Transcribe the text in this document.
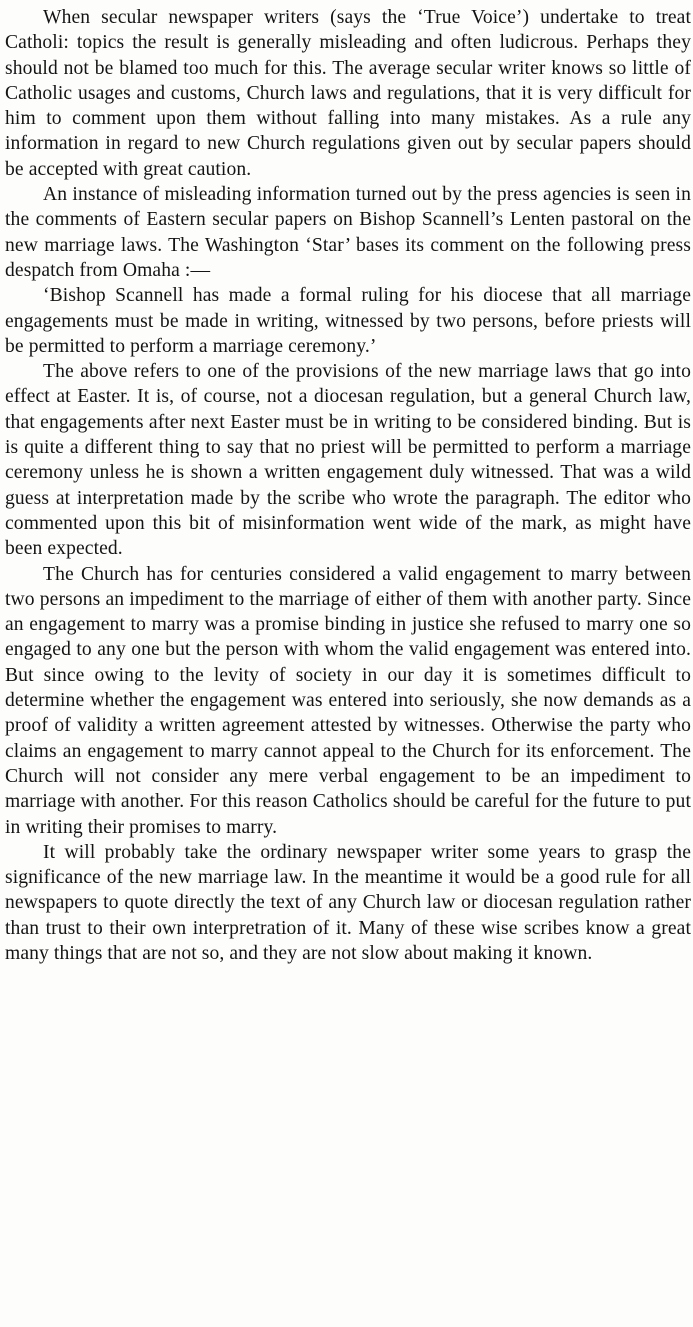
When secular newspaper writers (says the ‘True Voice’) undertake to treat Catholi: topics the result is generally misleading and often ludicrous. Perhaps they should not be blamed too much for this. The average secular writer knows so little of Catholic usages and customs, Church laws and regulations, that it is very difficult for him to comment upon them without falling into many mistakes. As a rule any information in regard to new Church regulations given out by secular papers should be accepted with great caution.

An instance of misleading information turned out by the press agencies is seen in the comments of Eastern secular papers on Bishop Scannell’s Lenten pastoral on the new marriage laws. The Washington ‘Star’ bases its comment on the following press despatch from Omaha :—

‘Bishop Scannell has made a formal ruling for his diocese that all marriage engagements must be made in writing, witnessed by two persons, before priests will be permitted to perform a marriage ceremony.’

The above refers to one of the provisions of the new marriage laws that go into effect at Easter. It is, of course, not a diocesan regulation, but a general Church law, that engagements after next Easter must be in writing to be considered binding. But is is quite a different thing to say that no priest will be permitted to perform a marriage ceremony unless he is shown a written engagement duly witnessed. That was a wild guess at interpretation made by the scribe who wrote the paragraph. The editor who commented upon this bit of misinformation went wide of the mark, as might have been expected.

The Church has for centuries considered a valid engagement to marry between two persons an impediment to the marriage of either of them with another party. Since an engagement to marry was a promise binding in justice she refused to marry one so engaged to any one but the person with whom the valid engagement was entered into. But since owing to the levity of society in our day it is sometimes difficult to determine whether the engagement was entered into seriously, she now demands as a proof of validity a written agreement attested by witnesses. Otherwise the party who claims an engagement to marry cannot appeal to the Church for its enforcement. The Church will not consider any mere verbal engagement to be an impediment to marriage with another. For this reason Catholics should be careful for the future to put in writing their promises to marry.

It will probably take the ordinary newspaper writer some years to grasp the significance of the new marriage law. In the meantime it would be a good rule for all newspapers to quote directly the text of any Church law or diocesan regulation rather than trust to their own interpretration of it. Many of these wise scribes know a great many things that are not so, and they are not slow about making it known.
